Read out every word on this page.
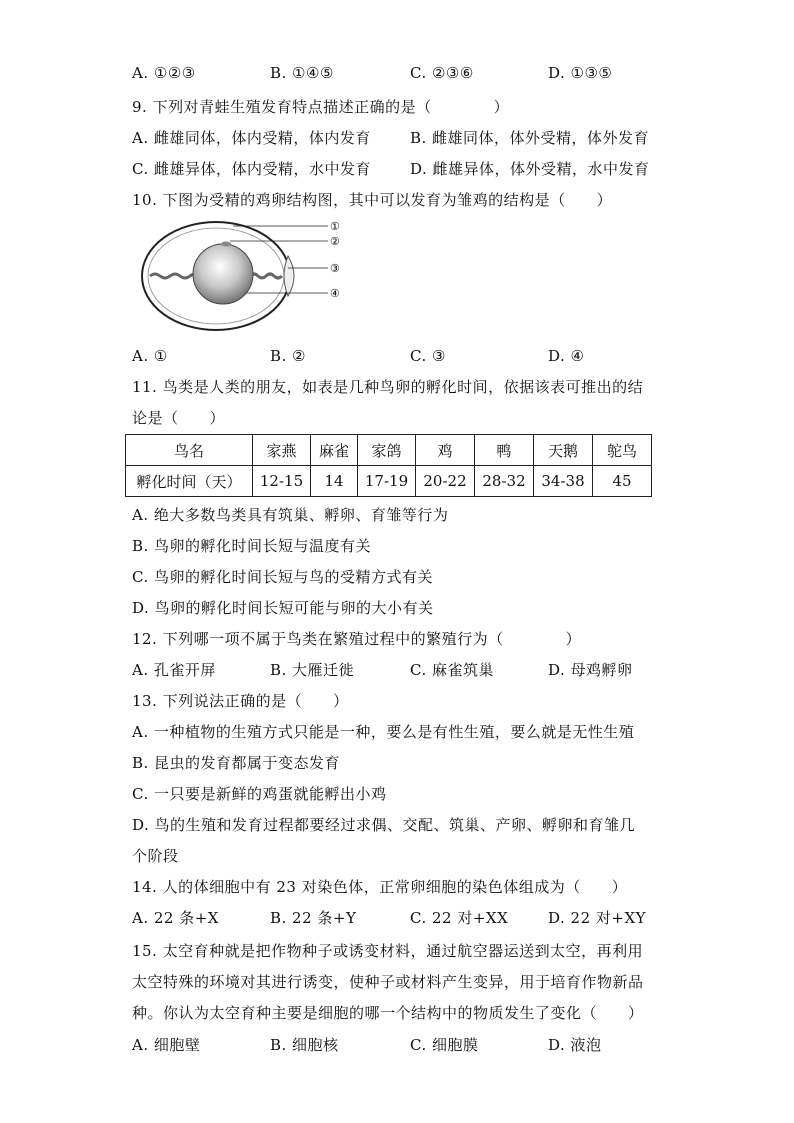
A. ①②③	B. ①④⑤	C. ②③⑥	D. ①③⑤
9. 下列对青蛙生殖发育特点描述正确的是（　　　　）
A. 雌雄同体，体内受精，体内发育	B. 雌雄同体，体外受精，体外发育
C. 雌雄异体，体内受精，水中发育	D. 雌雄异体，体外受精，水中发育
10. 下图为受精的鸡卵结构图，其中可以发育为雏鸡的结构是（　　）
①
②
③
④
A. ①	B. ②	C. ③	D. ④
11. 鸟类是人类的朋友，如表是几种鸟卵的孵化时间，依据该表可推出的结
论是（　　）
鸟名	家燕	麻雀	家鸽	鸡	鸭	天鹅	鸵鸟
孵化时间（天）	12-15	14	17-19	20-22	28-32	34-38	45
A. 绝大多数鸟类具有筑巢、孵卵、育雏等行为
B. 鸟卵的孵化时间长短与温度有关
C. 鸟卵的孵化时间长短与鸟的受精方式有关
D. 鸟卵的孵化时间长短可能与卵的大小有关
12. 下列哪一项不属于鸟类在繁殖过程中的繁殖行为（　　　　）
A. 孔雀开屏	B. 大雁迁徙	C. 麻雀筑巢	D. 母鸡孵卵
13. 下列说法正确的是（　　）
A. 一种植物的生殖方式只能是一种，要么是有性生殖，要么就是无性生殖
B. 昆虫的发育都属于变态发育
C. 一只要是新鲜的鸡蛋就能孵出小鸡
D. 鸟的生殖和发育过程都要经过求偶、交配、筑巢、产卵、孵卵和育雏几
个阶段
14. 人的体细胞中有 23 对染色体，正常卵细胞的染色体组成为（　　）
A. 22 条+X	B. 22 条+Y	C. 22 对+XX	D. 22 对+XY
15. 太空育种就是把作物种子或诱变材料，通过航空器运送到太空，再利用
太空特殊的环境对其进行诱变，使种子或材料产生变异，用于培育作物新品
种。你认为太空育种主要是细胞的哪一个结构中的物质发生了变化（　　）
A. 细胞壁	B. 细胞核	C. 细胞膜	D. 液泡
